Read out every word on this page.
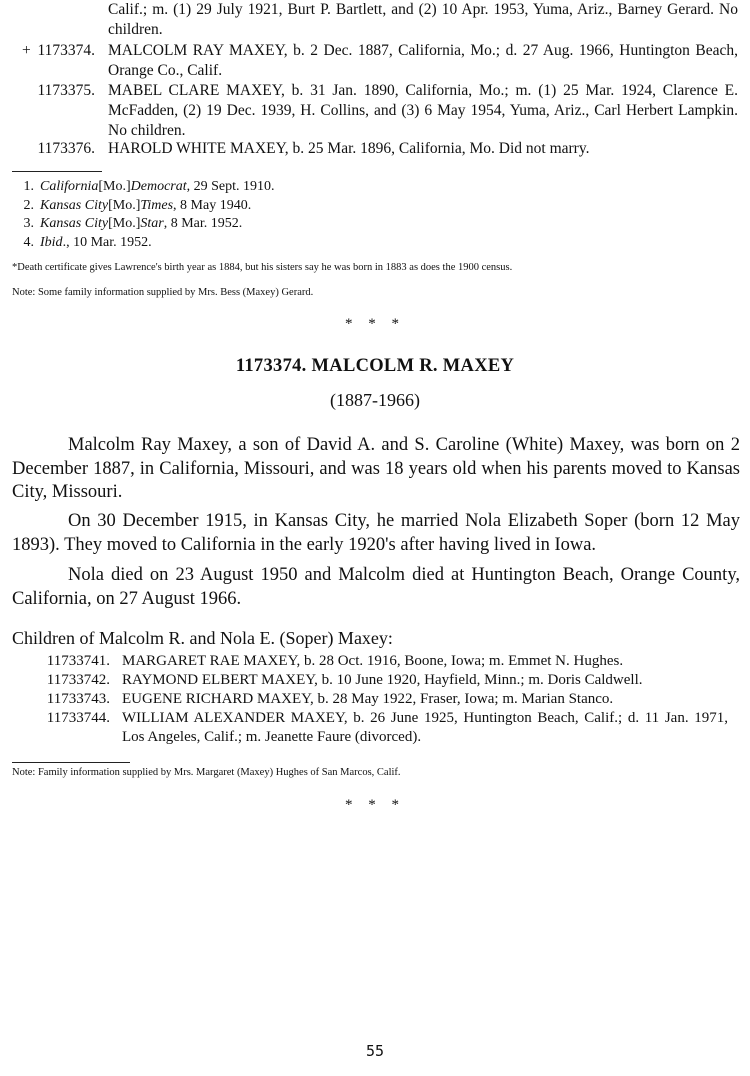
Calif.; m. (1) 29 July 1921, Burt P. Bartlett, and (2) 10 Apr. 1953, Yuma, Ariz., Barney Gerard. No children.
+ 1173374. MALCOLM RAY MAXEY, b. 2 Dec. 1887, California, Mo.; d. 27 Aug. 1966, Huntington Beach, Orange Co., Calif.
1173375. MABEL CLARE MAXEY, b. 31 Jan. 1890, California, Mo.; m. (1) 25 Mar. 1924, Clarence E. McFadden, (2) 19 Dec. 1939, H. Collins, and (3) 6 May 1954, Yuma, Ariz., Carl Herbert Lampkin. No children.
1173376. HAROLD WHITE MAXEY, b. 25 Mar. 1896, California, Mo. Did not marry.
1. California[Mo.]Democrat, 29 Sept. 1910.
2. Kansas City[Mo.]Times, 8 May 1940.
3. Kansas City[Mo.]Star, 8 Mar. 1952.
4. Ibid., 10 Mar. 1952.
*Death certificate gives Lawrence's birth year as 1884, but his sisters say he was born in 1883 as does the 1900 census.
Note: Some family information supplied by Mrs. Bess (Maxey) Gerard.
* * *
1173374. MALCOLM R. MAXEY
(1887-1966)
Malcolm Ray Maxey, a son of David A. and S. Caroline (White) Maxey, was born on 2 December 1887, in California, Missouri, and was 18 years old when his parents moved to Kansas City, Missouri.
On 30 December 1915, in Kansas City, he married Nola Elizabeth Soper (born 12 May 1893). They moved to California in the early 1920's after having lived in Iowa.
Nola died on 23 August 1950 and Malcolm died at Huntington Beach, Orange County, California, on 27 August 1966.
Children of Malcolm R. and Nola E. (Soper) Maxey:
11733741. MARGARET RAE MAXEY, b. 28 Oct. 1916, Boone, Iowa; m. Emmet N. Hughes.
11733742. RAYMOND ELBERT MAXEY, b. 10 June 1920, Hayfield, Minn.; m. Doris Caldwell.
11733743. EUGENE RICHARD MAXEY, b. 28 May 1922, Fraser, Iowa; m. Marian Stanco.
11733744. WILLIAM ALEXANDER MAXEY, b. 26 June 1925, Huntington Beach, Calif.; d. 11 Jan. 1971, Los Angeles, Calif.; m. Jeanette Faure (divorced).
Note: Family information supplied by Mrs. Margaret (Maxey) Hughes of San Marcos, Calif.
* * *
55
